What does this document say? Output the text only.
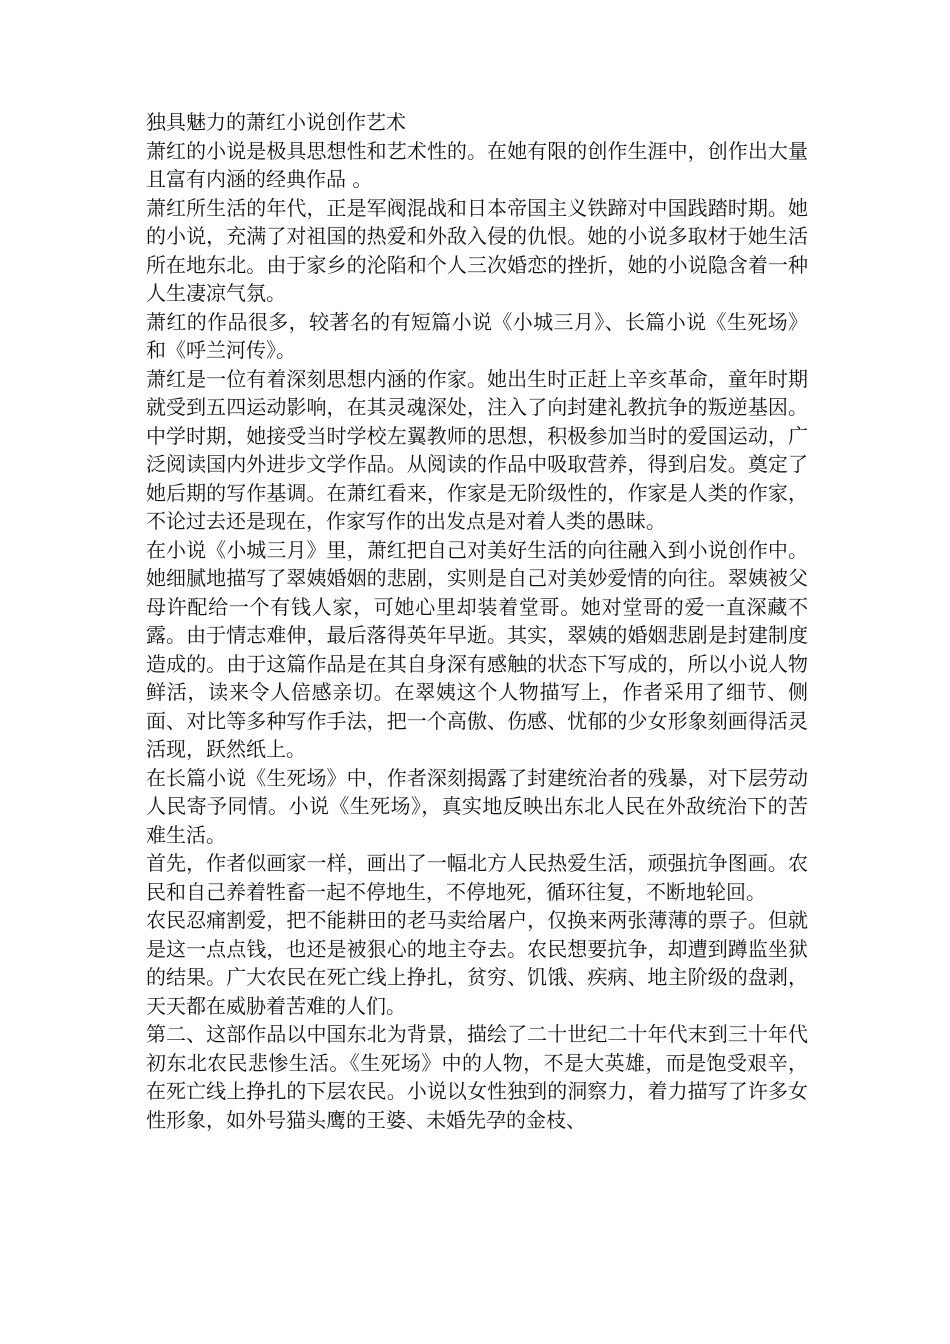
独具魅力的萧红小说创作艺术

萧红的小说是极具思想性和艺术性的。在她有限的创作生涯中，创作出大量且富有内涵的经典作品 。

萧红所生活的年代，正是军阀混战和日本帝国主义铁蹄对中国践踏时期。她的小说，充满了对祖国的热爱和外敌入侵的仇恨。她的小说多取材于她生活所在地东北。由于家乡的沦陷和个人三次婚恋的挫折，她的小说隐含着一种人生凄凉气氛。

萧红的作品很多，较著名的有短篇小说《小城三月》、长篇小说《生死场》和《呼兰河传》。

萧红是一位有着深刻思想内涵的作家。她出生时正赶上辛亥革命，童年时期就受到五四运动影响，在其灵魂深处，注入了向封建礼教抗争的叛逆基因。中学时期，她接受当时学校左翼教师的思想，积极参加当时的爱国运动，广泛阅读国内外进步文学作品。从阅读的作品中吸取营养，得到启发。奠定了她后期的写作基调。在萧红看来，作家是无阶级性的，作家是人类的作家，不论过去还是现在，作家写作的出发点是对着人类的愚昧。

在小说《小城三月》里，萧红把自己对美好生活的向往融入到小说创作中。她细腻地描写了翠姨婚姻的悲剧，实则是自己对美妙爱情的向往。翠姨被父母许配给一个有钱人家，可她心里却装着堂哥。她对堂哥的爱一直深藏不露。由于情志难伸，最后落得英年早逝。其实，翠姨的婚姻悲剧是封建制度造成的。由于这篇作品是在其自身深有感触的状态下写成的，所以小说人物鲜活，读来令人倍感亲切。在翠姨这个人物描写上，作者采用了细节、侧面、对比等多种写作手法，把一个高傲、伤感、忧郁的少女形象刻画得活灵活现，跃然纸上。

在长篇小说《生死场》中，作者深刻揭露了封建统治者的残暴，对下层劳动人民寄予同情。小说《生死场》，真实地反映出东北人民在外敌统治下的苦难生活。

首先，作者似画家一样，画出了一幅北方人民热爱生活，顽强抗争图画。农民和自己养着牲畜一起不停地生，不停地死，循环往复，不断地轮回。

农民忍痛割爱，把不能耕田的老马卖给屠户，仅换来两张薄薄的票子。但就是这一点点钱，也还是被狠心的地主夺去。农民想要抗争，却遭到蹲监坐狱的结果。广大农民在死亡线上挣扎，贫穷、饥饿、疾病、地主阶级的盘剥，天天都在威胁着苦难的人们。

第二、这部作品以中国东北为背景，描绘了二十世纪二十年代末到三十年代初东北农民悲惨生活。《生死场》中的人物，不是大英雄，而是饱受艰辛，在死亡线上挣扎的下层农民。小说以女性独到的洞察力，着力描写了许多女性形象，如外号猫头鹰的王婆、未婚先孕的金枝、
